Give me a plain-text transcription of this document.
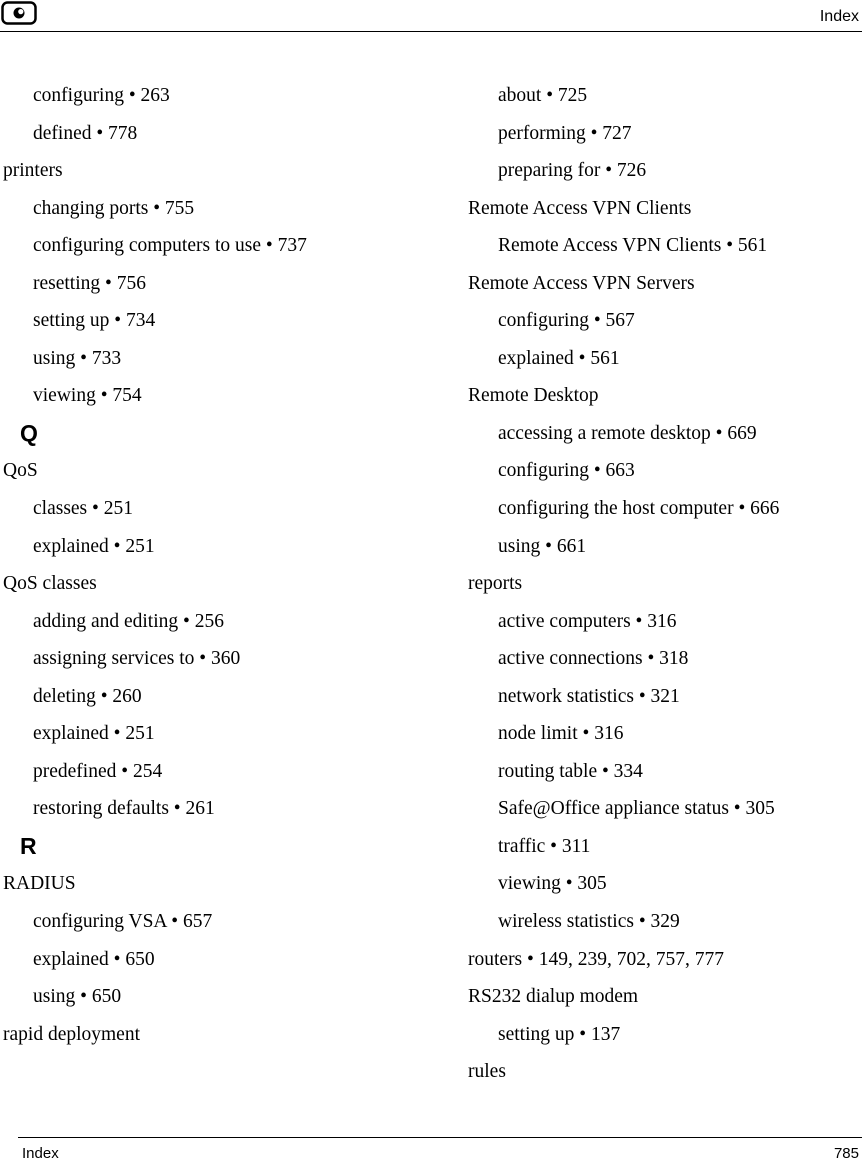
Index
configuring • 263
defined • 778
printers
changing ports • 755
configuring computers to use • 737
resetting • 756
setting up • 734
using • 733
viewing • 754
Q
QoS
classes • 251
explained • 251
QoS classes
adding and editing • 256
assigning services to • 360
deleting • 260
explained • 251
predefined • 254
restoring defaults • 261
R
RADIUS
configuring VSA • 657
explained • 650
using • 650
rapid deployment
about • 725
performing • 727
preparing for • 726
Remote Access VPN Clients
Remote Access VPN Clients • 561
Remote Access VPN Servers
configuring • 567
explained • 561
Remote Desktop
accessing a remote desktop • 669
configuring • 663
configuring the host computer • 666
using • 661
reports
active computers • 316
active connections • 318
network statistics • 321
node limit • 316
routing table • 334
Safe@Office appliance status • 305
traffic • 311
viewing • 305
wireless statistics • 329
routers • 149, 239, 702, 757, 777
RS232 dialup modem
setting up • 137
rules
Index	785
